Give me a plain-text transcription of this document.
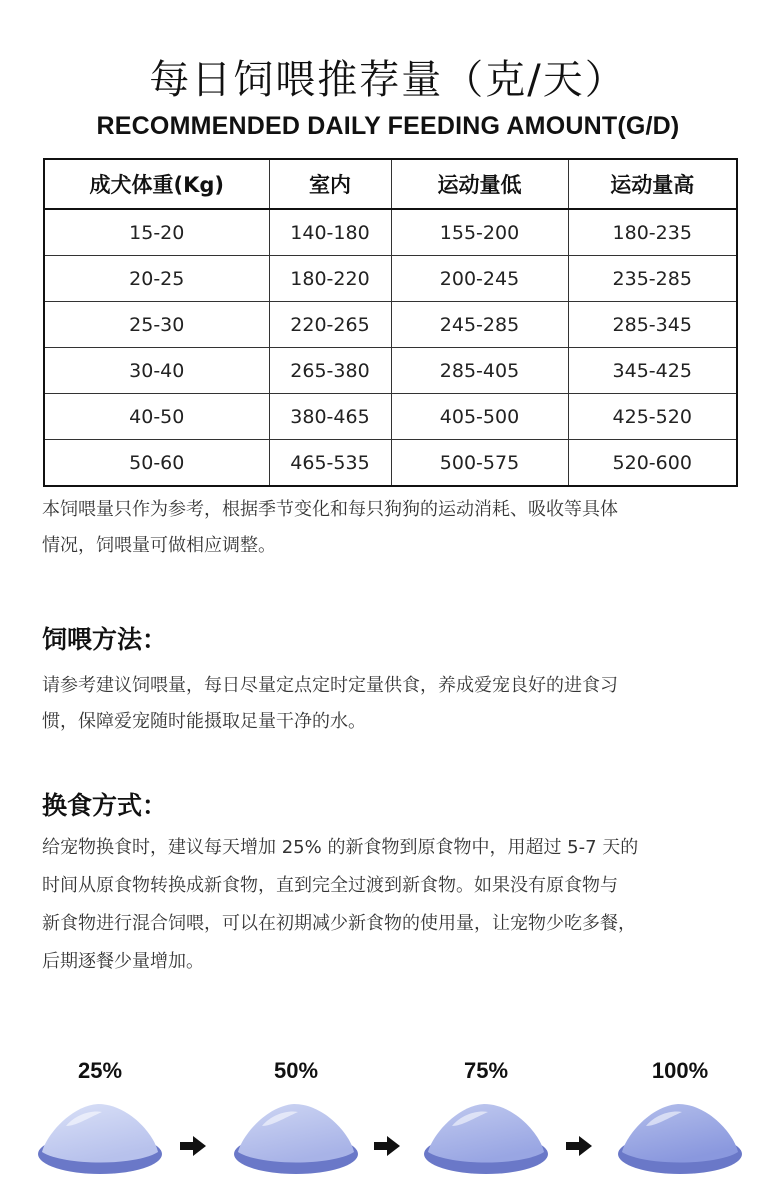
每日饲喂推荐量（克/天）
RECOMMENDED DAILY FEEDING AMOUNT(G/D)
成犬体重(Kg)	室内	运动量低	运动量高
15-20	140-180	155-200	180-235
20-25	180-220	200-245	235-285
25-30	220-265	245-285	285-345
30-40	265-380	285-405	345-425
40-50	380-465	405-500	425-520
50-60	465-535	500-575	520-600
本饲喂量只作为参考，根据季节变化和每只狗狗的运动消耗、吸收等具体
情况，饲喂量可做相应调整。
饲喂方法：
请参考建议饲喂量，每日尽量定点定时定量供食，养成爱宠良好的进食习
惯，保障爱宠随时能摄取足量干净的水。
换食方式：
给宠物换食时，建议每天增加 25% 的新食物到原食物中，用超过 5-7 天的
时间从原食物转换成新食物，直到完全过渡到新食物。如果没有原食物与
新食物进行混合饲喂，可以在初期减少新食物的使用量，让宠物少吃多餐，
后期逐餐少量增加。
25%	50%	75%	100%
